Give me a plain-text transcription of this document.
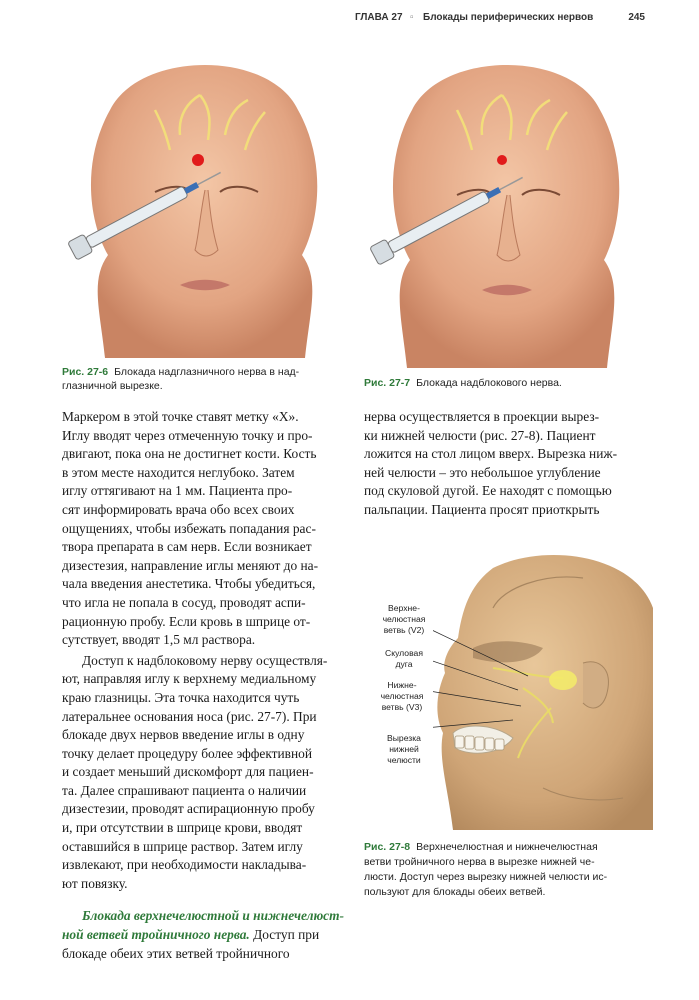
ГЛАВА 27 ▫ Блокады периферических нервов	245
Рис. 27-6 Блокада надглазничного нерва в над-
глазничной вырезке.	Рис. 27-7 Блокада надблокового нерва.

Маркером в этой точке ставят метку «X».
Иглу вводят через отмеченную точку и про-
двигают, пока она не достигнет кости. Кость
в этом месте находится неглубоко. Затем
иглу оттягивают на 1 мм. Пациента про-
сят информировать врача обо всех своих
ощущениях, чтобы избежать попадания рас-
твора препарата в сам нерв. Если возникает
дизестезия, направление иглы меняют до на-
чала введения анестетика. Чтобы убедиться,
что игла не попала в сосуд, проводят аспи-
рационную пробу. Если кровь в шприце от-
сутствует, вводят 1,5 мл раствора.

Доступ к надблоковому нерву осуществля-
ют, направляя иглу к верхнему медиальному
краю глазницы. Эта точка находится чуть
латеральнее основания носа (рис. 27-7). При
блокаде двух нервов введение иглы в одну
точку делает процедуру более эффективной
и создает меньший дискомфорт для пациен-
та. Далее спрашивают пациента о наличии
дизестезии, проводят аспирационную пробу
и, при отсутствии в шприце крови, вводят
оставшийся в шприце раствор. Затем иглу
извлекают, при необходимости накладыва-
ют повязку.

Блокада верхнечелюстной и нижнечелюст-
ной ветвей тройничного нерва. Доступ при
блокаде обеих этих ветвей тройничного

нерва осуществляется в проекции вырез-
ки нижней челюсти (рис. 27-8). Пациент
ложится на стол лицом вверх. Вырезка ниж-
ней челюсти – это небольшое углубление
под скуловой дугой. Ее находят с помощью
пальпации. Пациента просят приоткрыть

Верхне-
челюстная
ветвь (V2)
Скуловая
дуга
Нижне-
челюстная
ветвь (V3)
Вырезка
нижней
челюсти
Рис. 27-8 Верхнечелюстная и нижнечелюстная
ветви тройничного нерва в вырезке нижней че-
люсти. Доступ через вырезку нижней челюсти ис-
пользуют для блокады обеих ветвей.
